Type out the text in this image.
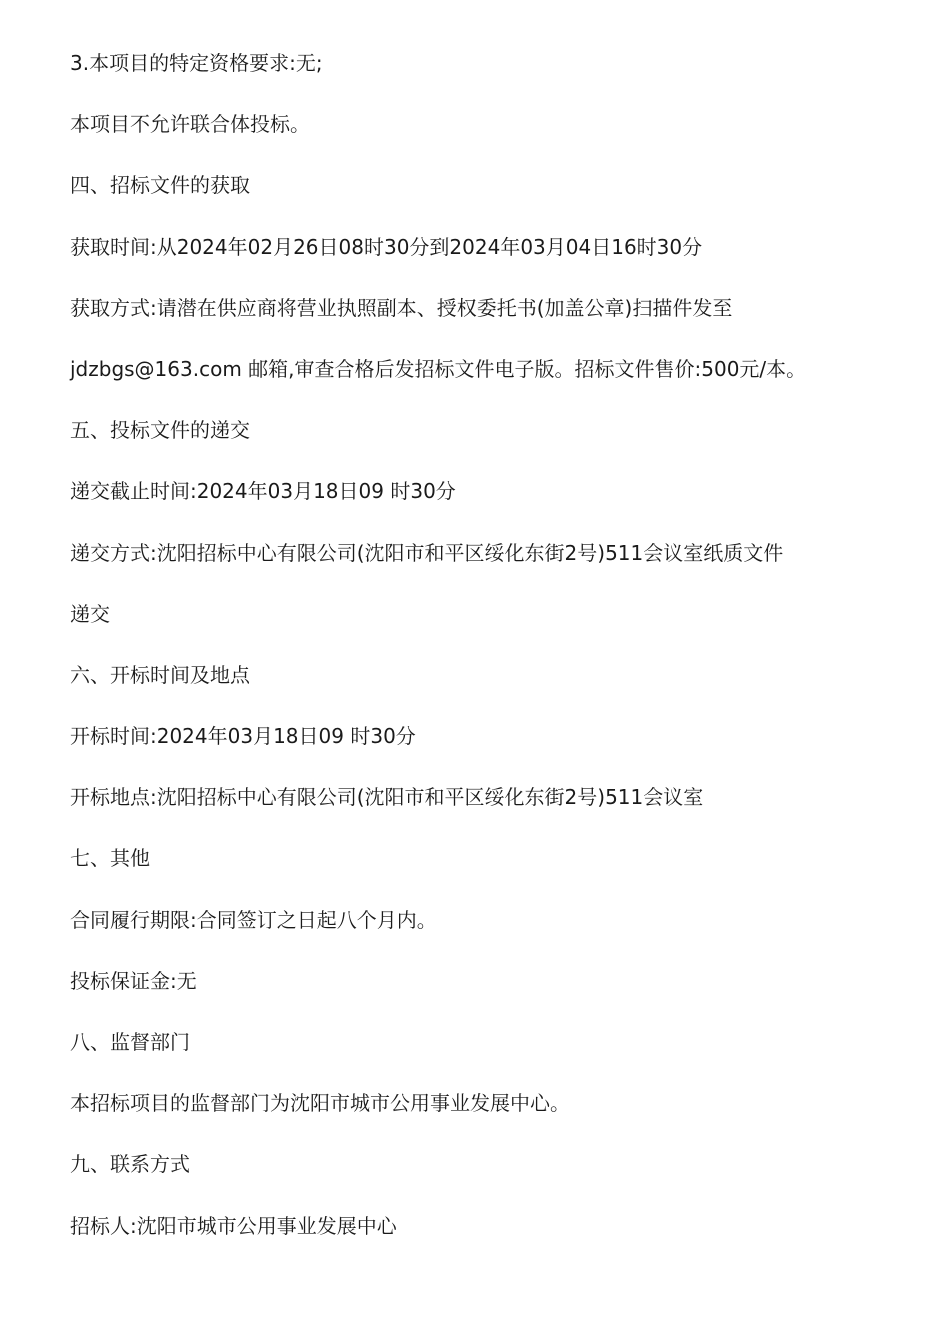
3.本项目的特定资格要求:无;

本项目不允许联合体投标。

四、招标文件的获取

获取时间:从2024年02月26日08时30分到2024年03月04日16时30分

获取方式:请潜在供应商将营业执照副本、授权委托书(加盖公章)扫描件发至

jdzbgs@163.com 邮箱,审查合格后发招标文件电子版。招标文件售价:500元/本。

五、投标文件的递交

递交截止时间:2024年03月18日09 时30分

递交方式:沈阳招标中心有限公司(沈阳市和平区绥化东街2号)511会议室纸质文件

递交

六、开标时间及地点

开标时间:2024年03月18日09 时30分

开标地点:沈阳招标中心有限公司(沈阳市和平区绥化东街2号)511会议室

七、其他

合同履行期限:合同签订之日起八个月内。

投标保证金:无

八、监督部门

本招标项目的监督部门为沈阳市城市公用事业发展中心。

九、联系方式

招标人:沈阳市城市公用事业发展中心
